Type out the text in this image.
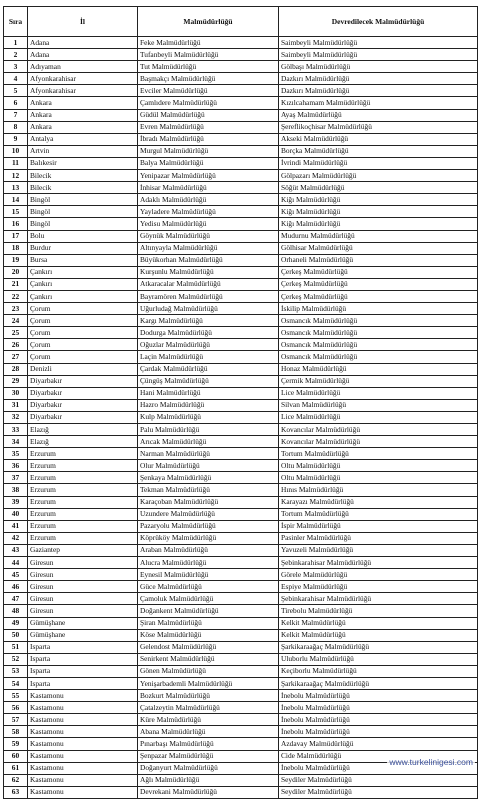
Sıra	İl	Malmüdürlüğü	Devredilecek Malmüdürlüğü
1	Adana	Feke Malmüdürlüğü	Saimbeyli Malmüdürlüğü
2	Adana	Tufanbeyli Malmüdürlüğü	Saimbeyli Malmüdürlüğü
3	Adıyaman	Tut Malmüdürlüğü	Gölbaşı Malmüdürlüğü
4	Afyonkarahisar	Başmakçı Malmüdürlüğü	Dazkırı Malmüdürlüğü
5	Afyonkarahisar	Evciler Malmüdürlüğü	Dazkırı Malmüdürlüğü
6	Ankara	Çamlıdere Malmüdürlüğü	Kızılcahamam Malmüdürlüğü
7	Ankara	Güdül Malmüdürlüğü	Ayaş Malmüdürlüğü
8	Ankara	Evren Malmüdürlüğü	Şereflikoçhisar Malmüdürlüğü
9	Antalya	İbradı Malmüdürlüğü	Akseki Malmüdürlüğü
10	Artvin	Murgul Malmüdürlüğü	Borçka Malmüdürlüğü
11	Balıkesir	Balya Malmüdürlüğü	İvrindi Malmüdürlüğü
12	Bilecik	Yenipazar Malmüdürlüğü	Gölpazarı Malmüdürlüğü
13	Bilecik	İnhisar Malmüdürlüğü	Söğüt Malmüdürlüğü
14	Bingöl	Adaklı Malmüdürlüğü	Kiğı Malmüdürlüğü
15	Bingöl	Yayladere Malmüdürlüğü	Kiğı Malmüdürlüğü
16	Bingöl	Yedisu Malmüdürlüğü	Kiğı Malmüdürlüğü
17	Bolu	Göynük Malmüdürlüğü	Mudurnu Malmüdürlüğü
18	Burdur	Altınyayla Malmüdürlüğü	Gölhisar Malmüdürlüğü
19	Bursa	Büyükorhan Malmüdürlüğü	Orhaneli Malmüdürlüğü
20	Çankırı	Kurşunlu Malmüdürlüğü	Çerkeş Malmüdürlüğü
21	Çankırı	Atkaracalar Malmüdürlüğü	Çerkeş Malmüdürlüğü
22	Çankırı	Bayramören Malmüdürlüğü	Çerkeş Malmüdürlüğü
23	Çorum	Uğurludağ Malmüdürlüğü	İskilip Malmüdürlüğü
24	Çorum	Kargı Malmüdürlüğü	Osmancık Malmüdürlüğü
25	Çorum	Dodurga Malmüdürlüğü	Osmancık Malmüdürlüğü
26	Çorum	Oğuzlar Malmüdürlüğü	Osmancık Malmüdürlüğü
27	Çorum	Laçin Malmüdürlüğü	Osmancık Malmüdürlüğü
28	Denizli	Çardak Malmüdürlüğü	Honaz Malmüdürlüğü
29	Diyarbakır	Çüngüş Malmüdürlüğü	Çermik Malmüdürlüğü
30	Diyarbakır	Hani Malmüdürlüğü	Lice Malmüdürlüğü
31	Diyarbakır	Hazro Malmüdürlüğü	Silvan Malmüdürlüğü
32	Diyarbakır	Kulp Malmüdürlüğü	Lice Malmüdürlüğü
33	Elazığ	Palu Malmüdürlüğü	Kovancılar Malmüdürlüğü
34	Elazığ	Arıcak Malmüdürlüğü	Kovancılar Malmüdürlüğü
35	Erzurum	Narman Malmüdürlüğü	Tortum Malmüdürlüğü
36	Erzurum	Olur Malmüdürlüğü	Oltu Malmüdürlüğü
37	Erzurum	Şenkaya Malmüdürlüğü	Oltu Malmüdürlüğü
38	Erzurum	Tekman Malmüdürlüğü	Hınıs Malmüdürlüğü
39	Erzurum	Karaçoban Malmüdürlüğü	Karayazı Malmüdürlüğü
40	Erzurum	Uzundere Malmüdürlüğü	Tortum Malmüdürlüğü
41	Erzurum	Pazaryolu Malmüdürlüğü	İspir Malmüdürlüğü
42	Erzurum	Köprüköy Malmüdürlüğü	Pasinler Malmüdürlüğü
43	Gaziantep	Araban Malmüdürlüğü	Yavuzeli Malmüdürlüğü
44	Giresun	Alucra Malmüdürlüğü	Şebinkarahisar Malmüdürlüğü
45	Giresun	Eynesil Malmüdürlüğü	Görele Malmüdürlüğü
46	Giresun	Güce Malmüdürlüğü	Espiye Malmüdürlüğü
47	Giresun	Çamoluk Malmüdürlüğü	Şebinkarahisar Malmüdürlüğü
48	Giresun	Doğankent Malmüdürlüğü	Tirebolu Malmüdürlüğü
49	Gümüşhane	Şiran Malmüdürlüğü	Kelkit Malmüdürlüğü
50	Gümüşhane	Köse Malmüdürlüğü	Kelkit Malmüdürlüğü
51	Isparta	Gelendost Malmüdürlüğü	Şarkikaraağaç Malmüdürlüğü
52	Isparta	Senirkent Malmüdürlüğü	Uluborlu Malmüdürlüğü
53	Isparta	Gönen Malmüdürlüğü	Keçiborlu Malmüdürlüğü
54	Isparta	Yenişarbademli Malmüdürlüğü	Şarkikaraağaç Malmüdürlüğü
55	Kastamonu	Bozkurt Malmüdürlüğü	İnebolu Malmüdürlüğü
56	Kastamonu	Çatalzeytin Malmüdürlüğü	İnebolu Malmüdürlüğü
57	Kastamonu	Küre Malmüdürlüğü	İnebolu Malmüdürlüğü
58	Kastamonu	Abana Malmüdürlüğü	İnebolu Malmüdürlüğü
59	Kastamonu	Pınarbaşı Malmüdürlüğü	Azdavay Malmüdürlüğü
60	Kastamonu	Şenpazar Malmüdürlüğü	Cide Malmüdürlüğü
61	Kastamonu	Doğanyurt Malmüdürlüğü	İnebolu Malmüdürlüğü
62	Kastamonu	Ağlı Malmüdürlüğü	Seydiler Malmüdürlüğü
63	Kastamonu	Devrekani Malmüdürlüğü	Seydiler Malmüdürlüğü
www.turkelinigesi.com
